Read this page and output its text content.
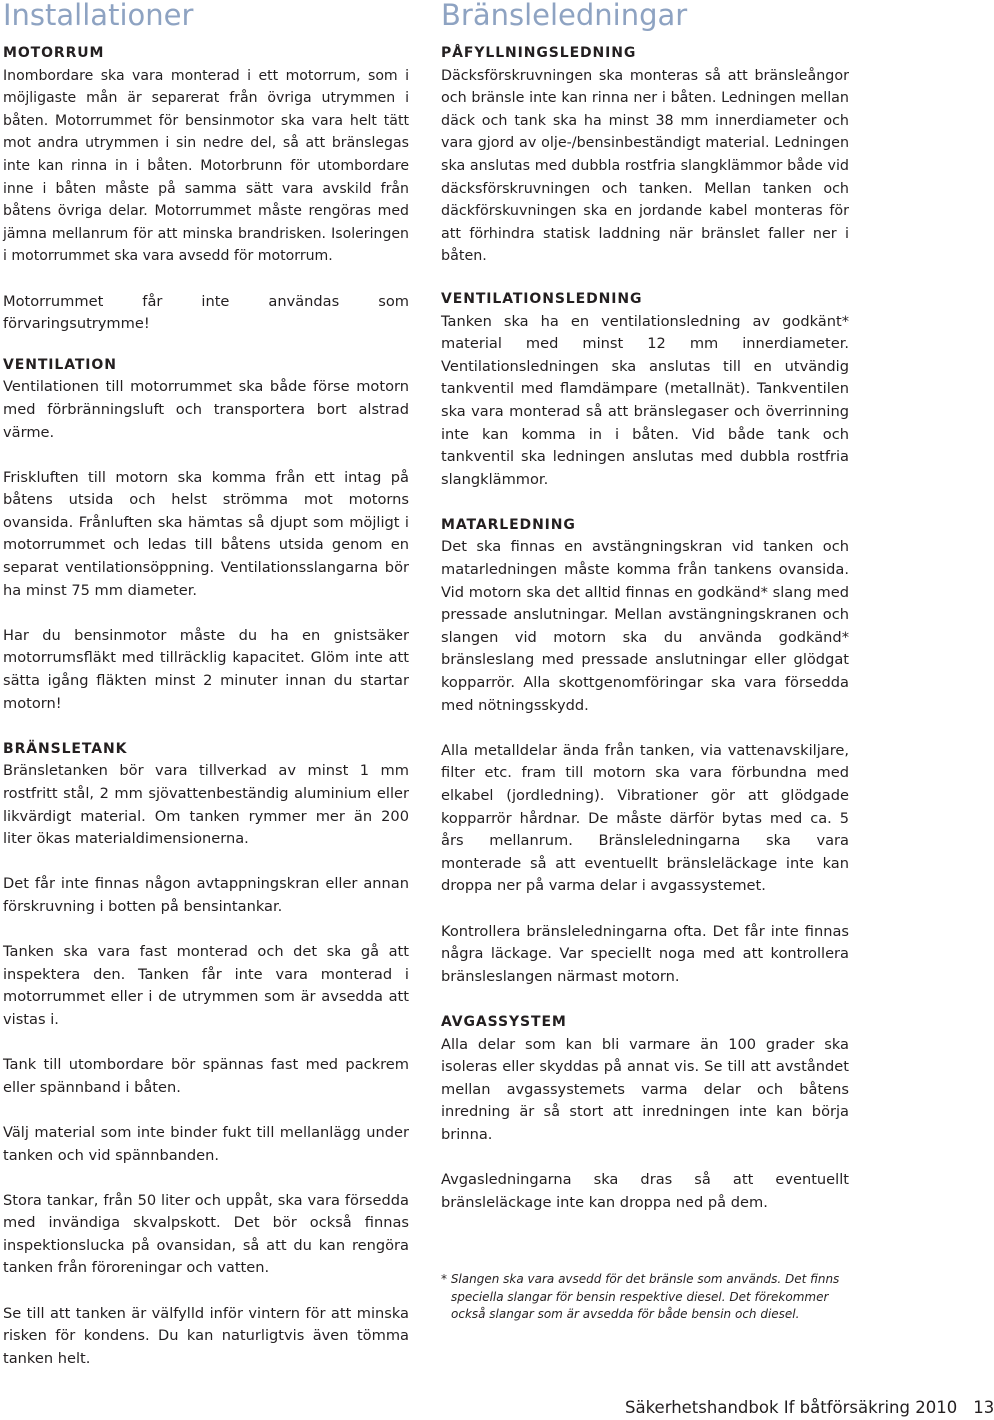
Installationer
MOTORRUM

Inombordare ska vara monterad i ett motorrum, som i möjligaste mån är separerat från övriga utrymmen i båten. Motorrummet för bensinmotor ska vara helt tätt mot andra utrymmen i sin nedre del, så att bränslegas inte kan rinna in i båten. Motorbrunn för utombordare inne i båten måste på samma sätt vara avskild från båtens övriga delar. Motorrummet måste rengöras med jämna mellanrum för att minska brandrisken. Isoleringen i motorrummet ska vara avsedd för motorrum.

Motorrummet får inte användas som förvaringsutrymme!

VENTILATION

Ventilationen till motorrummet ska både förse motorn med förbränningsluft och transportera bort alstrad värme.

Friskluften till motorn ska komma från ett intag på båtens utsida och helst strömma mot motorns ovansida. Frånluften ska hämtas så djupt som möjligt i motorrummet och ledas till båtens utsida genom en separat ventilationsöppning. Ventilationsslangarna bör ha minst 75 mm diameter.

Har du bensinmotor måste du ha en gnistsäker motorrumsfläkt med tillräcklig kapacitet. Glöm inte att sätta igång fläkten minst 2 minuter innan du startar motorn!

BRÄNSLETANK

Bränsletanken bör vara tillverkad av minst 1 mm rostfritt stål, 2 mm sjövattenbeständig aluminium eller likvärdigt material. Om tanken rymmer mer än 200 liter ökas materialdimensionerna.

Det får inte finnas någon avtappningskran eller annan förskruvning i botten på bensintankar.

Tanken ska vara fast monterad och det ska gå att inspektera den. Tanken får inte vara monterad i motorrummet eller i de utrymmen som är avsedda att vistas i.

Tank till utombordare bör spännas fast med packrem eller spännband i båten.

Välj material som inte binder fukt till mellanlägg under tanken och vid spännbanden.

Stora tankar, från 50 liter och uppåt, ska vara försedda med invändiga skvalpskott. Det bör också finnas inspektionslucka på ovansidan, så att du kan rengöra tanken från föroreningar och vatten.

Se till att tanken är välfylld inför vintern för att minska risken för kondens. Du kan naturligtvis även tömma tanken helt.

Bränsleledningar
PÅFYLLNINGSLEDNING

Däcksförskruvningen ska monteras så att bränsleångor och bränsle inte kan rinna ner i båten. Ledningen mellan däck och tank ska ha minst 38 mm innerdiameter och vara gjord av olje-/bensinbeständigt material. Ledningen ska anslutas med dubbla rostfria slangklämmor både vid däcksförskruvningen och tanken. Mellan tanken och däckförskuvningen ska en jordande kabel monteras för att förhindra statisk laddning när bränslet faller ner i båten.

VENTILATIONSLEDNING

Tanken ska ha en ventilationsledning av godkänt* material med minst 12 mm innerdiameter. Ventilationsledningen ska anslutas till en utvändig tankventil med flamdämpare (metallnät). Tankventilen ska vara monterad så att bränslegaser och överrinning inte kan komma in i båten. Vid både tank och tankventil ska ledningen anslutas med dubbla rostfria slangklämmor.

MATARLEDNING

Det ska finnas en avstängningskran vid tanken och matarledningen måste komma från tankens ovansida. Vid motorn ska det alltid finnas en godkänd* slang med pressade anslutningar. Mellan avstängningskranen och slangen vid motorn ska du använda godkänd* bränsleslang med pressade anslutningar eller glödgat kopparrör. Alla skottgenomföringar ska vara försedda med nötningsskydd.

Alla metalldelar ända från tanken, via vattenavskiljare, filter etc. fram till motorn ska vara förbundna med elkabel (jordledning). Vibrationer gör att glödgade kopparrör hårdnar. De måste därför bytas med ca. 5 års mellanrum. Bränsleledningarna ska vara monterade så att eventuellt bränsleläckage inte kan droppa ner på varma delar i avgassystemet.

Kontrollera bränsleledningarna ofta. Det får inte finnas några läckage. Var speciellt noga med att kontrollera bränsleslangen närmast motorn.

AVGASSYSTEM

Alla delar som kan bli varmare än 100 grader ska isoleras eller skyddas på annat vis. Se till att avståndet mellan avgassystemets varma delar och båtens inredning är så stort att inredningen inte kan börja brinna.

Avgasledningarna ska dras så att eventuellt bränsleläckage inte kan droppa ned på dem.

* Slangen ska vara avsedd för det bränsle som används. Det finns speciella slangar för bensin respektive diesel. Det förekommer också slangar som är avsedda för både bensin och diesel.
Säkerhetshandbok If båtförsäkring 2010 13
